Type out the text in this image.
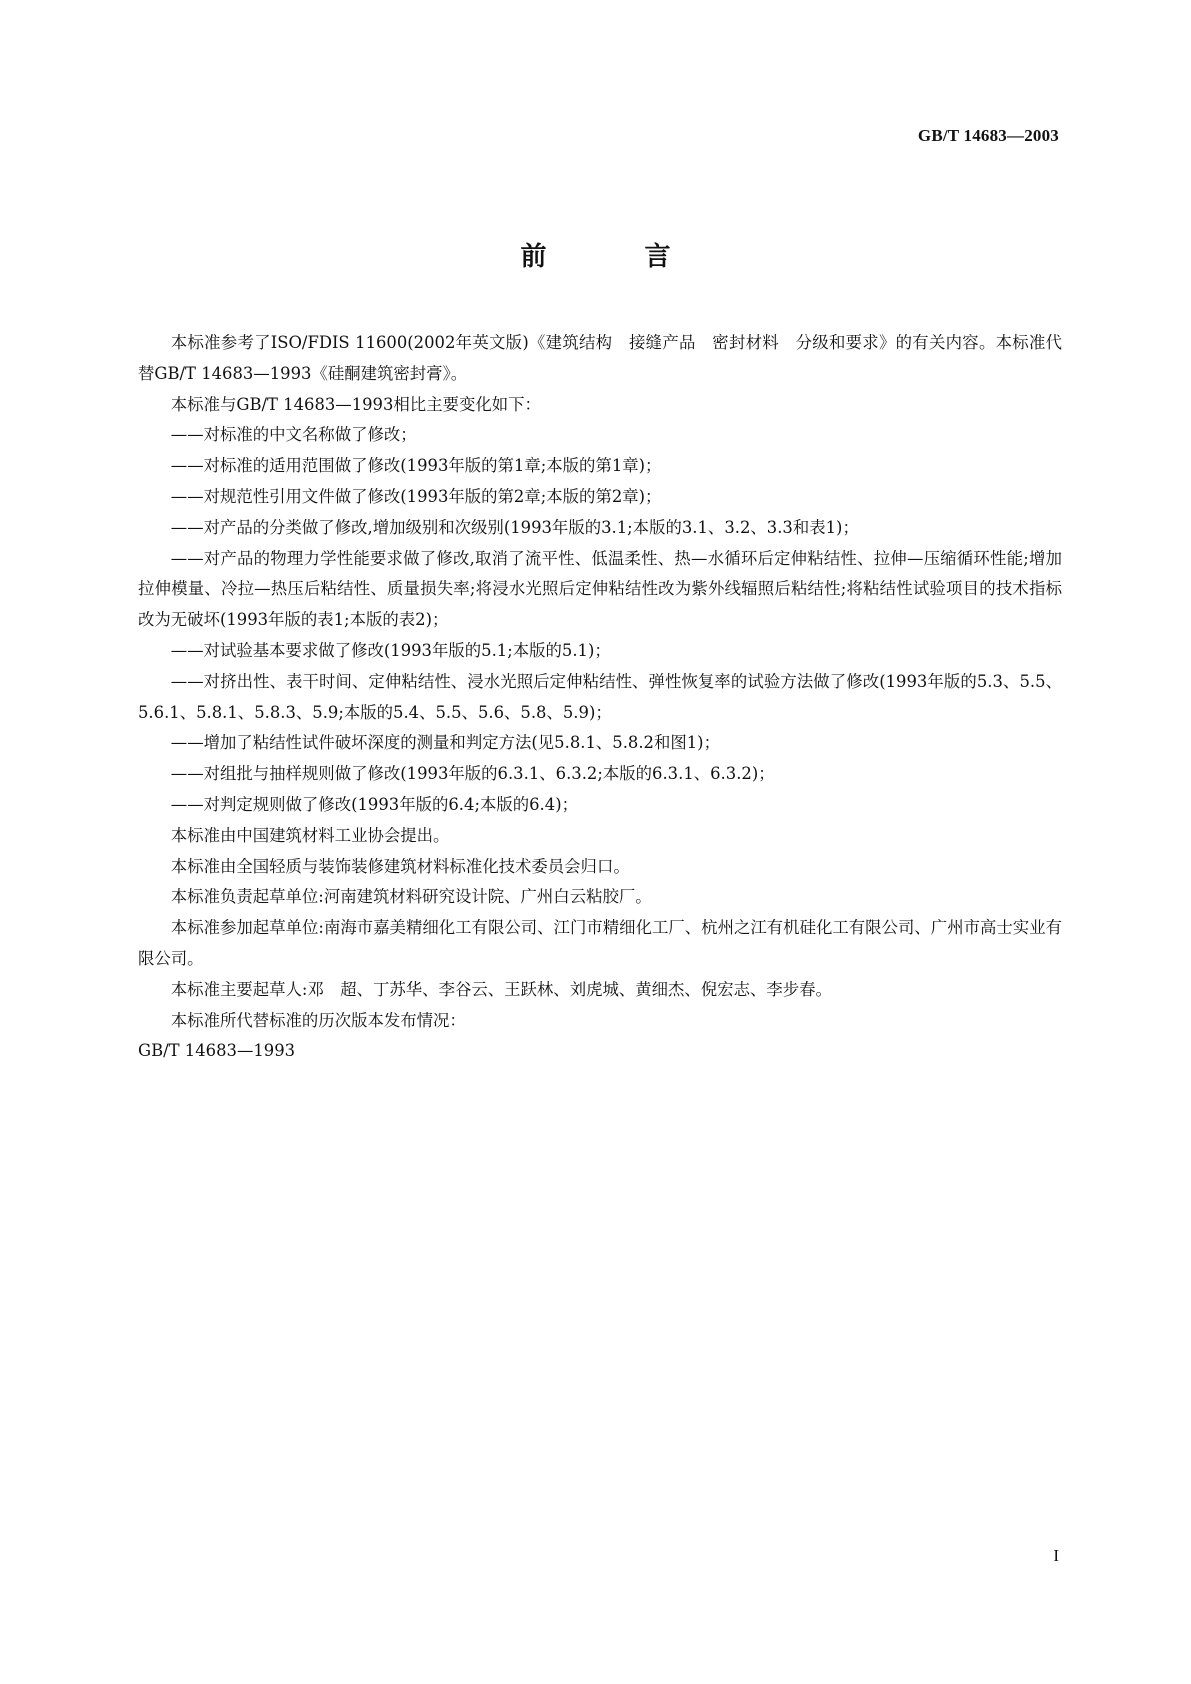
GB/T 14683—2003
前　言

本标准参考了ISO/FDIS 11600(2002年英文版)《建筑结构　接缝产品　密封材料　分级和要求》的有关内容。本标准代替GB/T 14683—1993《硅酮建筑密封膏》。

本标准与GB/T 14683—1993相比主要变化如下：

——对标准的中文名称做了修改；

——对标准的适用范围做了修改(1993年版的第1章;本版的第1章)；

——对规范性引用文件做了修改(1993年版的第2章;本版的第2章)；

——对产品的分类做了修改,增加级别和次级别(1993年版的3.1;本版的3.1、3.2、3.3和表1)；

——对产品的物理力学性能要求做了修改,取消了流平性、低温柔性、热—水循环后定伸粘结性、拉伸—压缩循环性能;增加拉伸模量、冷拉—热压后粘结性、质量损失率;将浸水光照后定伸粘结性改为紫外线辐照后粘结性;将粘结性试验项目的技术指标改为无破坏(1993年版的表1;本版的表2)；

——对试验基本要求做了修改(1993年版的5.1;本版的5.1)；

——对挤出性、表干时间、定伸粘结性、浸水光照后定伸粘结性、弹性恢复率的试验方法做了修改(1993年版的5.3、5.5、5.6.1、5.8.1、5.8.3、5.9;本版的5.4、5.5、5.6、5.8、5.9)；

——增加了粘结性试件破坏深度的测量和判定方法(见5.8.1、5.8.2和图1)；

——对组批与抽样规则做了修改(1993年版的6.3.1、6.3.2;本版的6.3.1、6.3.2)；

——对判定规则做了修改(1993年版的6.4;本版的6.4)；

本标准由中国建筑材料工业协会提出。

本标准由全国轻质与装饰装修建筑材料标准化技术委员会归口。

本标准负责起草单位:河南建筑材料研究设计院、广州白云粘胶厂。

本标准参加起草单位:南海市嘉美精细化工有限公司、江门市精细化工厂、杭州之江有机硅化工有限公司、广州市高士实业有限公司。

本标准主要起草人:邓　超、丁苏华、李谷云、王跃林、刘虎城、黄细杰、倪宏志、李步春。

本标准所代替标准的历次版本发布情况：

GB/T 14683—1993

I
